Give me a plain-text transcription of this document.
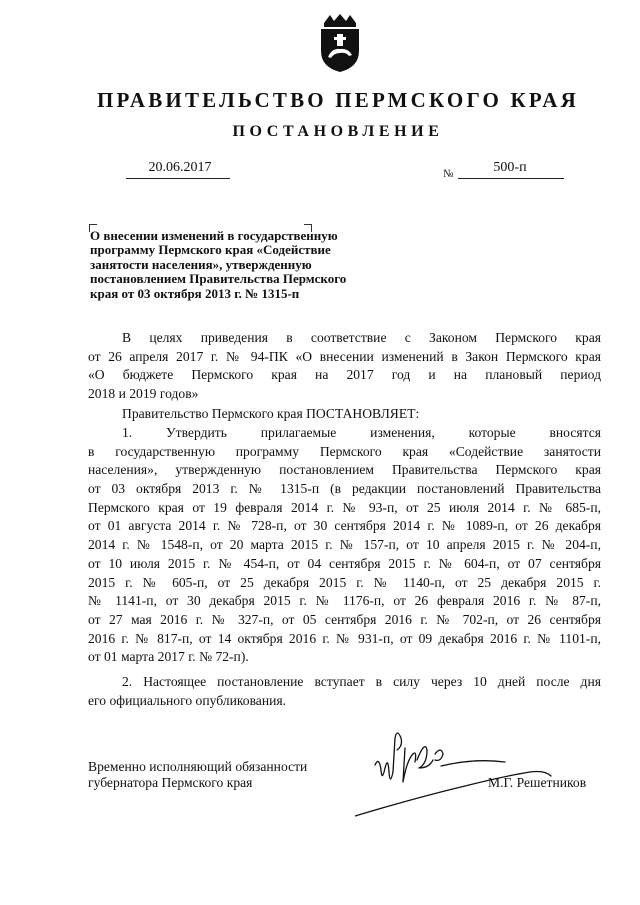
ПРАВИТЕЛЬСТВО ПЕРМСКОГО КРАЯ
ПОСТАНОВЛЕНИЕ
20.06.2017	№	500-п
О внесении изменений в государственную
программу Пермского края «Содействие
занятости населения», утвержденную
постановлением Правительства Пермского
края от 03 октября 2013 г. № 1315-п
В целях приведения в соответствие с Законом Пермского края
от 26 апреля 2017 г. № 94-ПК «О внесении изменений в Закон Пермского края
«О бюджете Пермского края на 2017 год и на плановый период
2018 и 2019 годов»
Правительство Пермского края ПОСТАНОВЛЯЕТ:
1. Утвердить прилагаемые изменения, которые вносятся
в государственную программу Пермского края «Содействие занятости
населения», утвержденную постановлением Правительства Пермского края
от 03 октября 2013 г. № 1315-п (в редакции постановлений Правительства
Пермского края от 19 февраля 2014 г. № 93-п, от 25 июля 2014 г. № 685-п,
от 01 августа 2014 г. № 728-п, от 30 сентября 2014 г. № 1089-п, от 26 декабря
2014 г. № 1548-п, от 20 марта 2015 г. № 157-п, от 10 апреля 2015 г. № 204-п,
от 10 июля 2015 г. № 454-п, от 04 сентября 2015 г. № 604-п, от 07 сентября
2015 г. № 605-п, от 25 декабря 2015 г. № 1140-п, от 25 декабря 2015 г.
№ 1141-п, от 30 декабря 2015 г. № 1176-п, от 26 февраля 2016 г. № 87-п,
от 27 мая 2016 г. № 327-п, от 05 сентября 2016 г. № 702-п, от 26 сентября
2016 г. № 817-п, от 14 октября 2016 г. № 931-п, от 09 декабря 2016 г. № 1101-п,
от 01 марта 2017 г. № 72-п).
2. Настоящее постановление вступает в силу через 10 дней после дня
его официального опубликования.
Временно исполняющий обязанности
губернатора Пермского края	М.Г. Решетников
